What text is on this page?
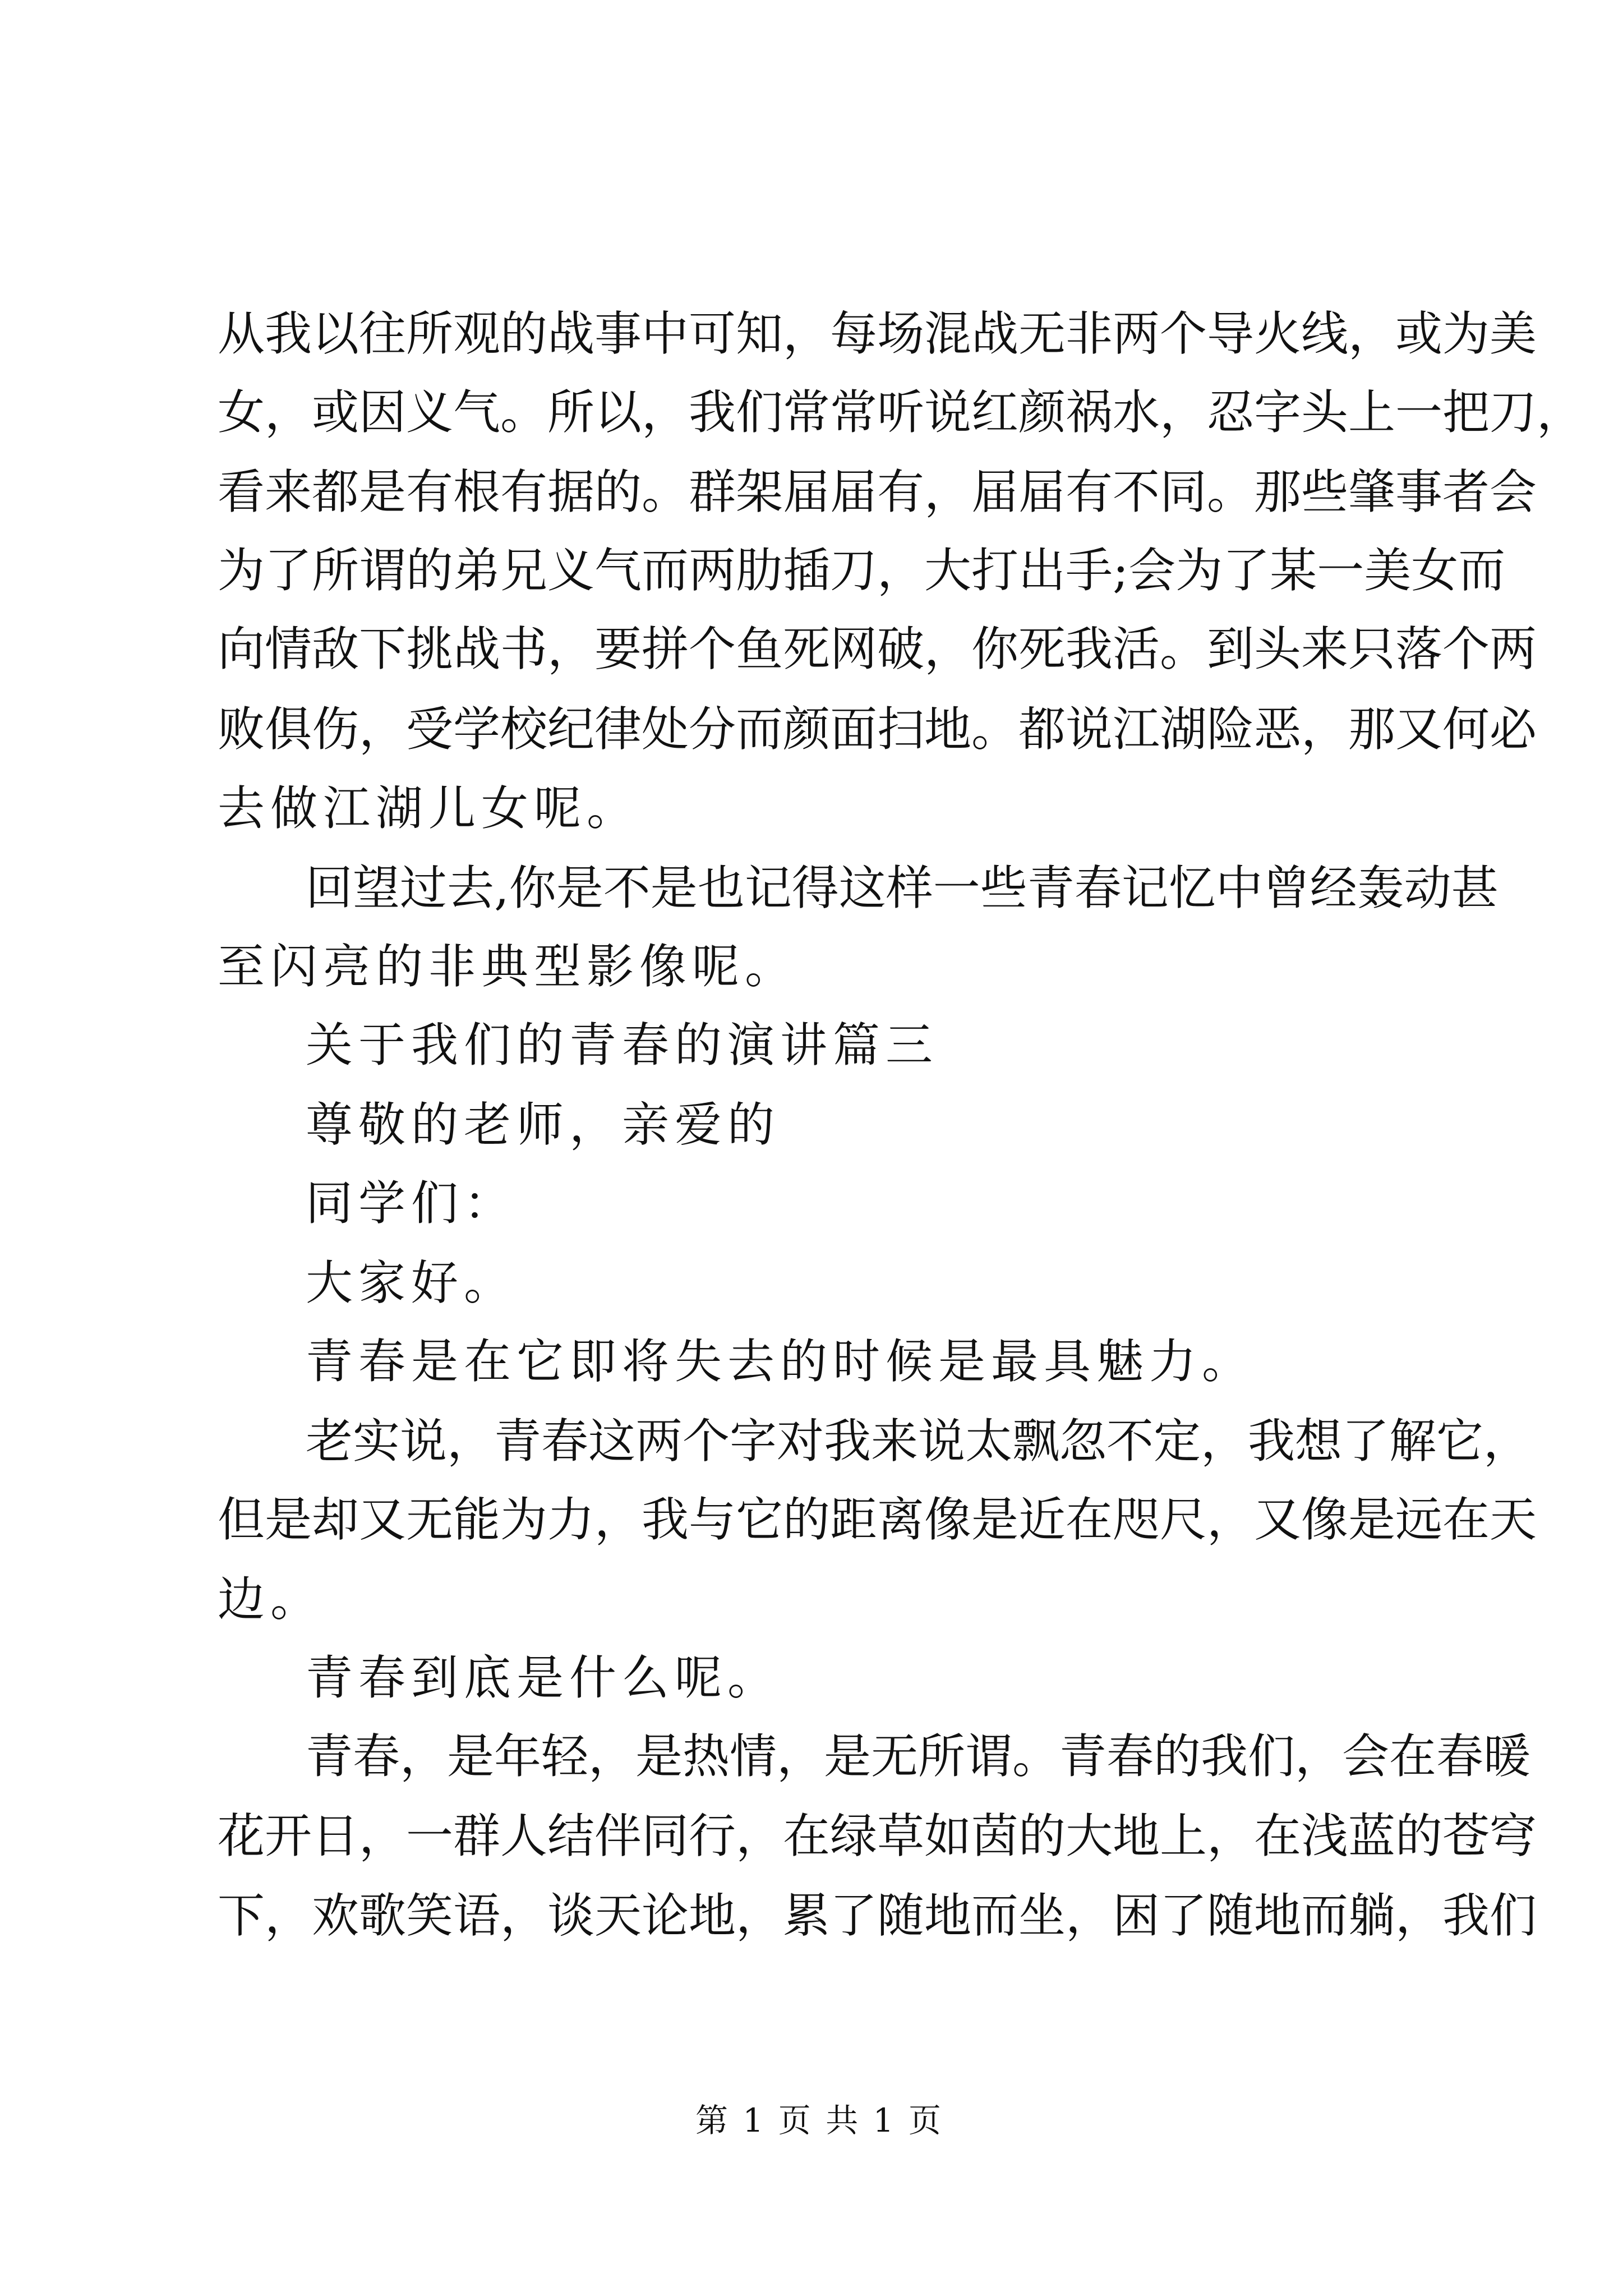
从我以往所观的战事中可知，每场混战无非两个导火线，或为美
女，或因义气。所以，我们常常听说红颜祸水，忍字头上一把刀，
看来都是有根有据的。群架届届有，届届有不同。那些肇事者会
为了所谓的弟兄义气而两肋插刀，大打出手;会为了某一美女而
向情敌下挑战书，要拼个鱼死网破，你死我活。到头来只落个两
败俱伤，受学校纪律处分而颜面扫地。都说江湖险恶，那又何必
去做江湖儿女呢。
回望过去,你是不是也记得这样一些青春记忆中曾经轰动甚
至闪亮的非典型影像呢。
关于我们的青春的演讲篇三
尊敬的老师，亲爱的
同学们：
大家好。
青春是在它即将失去的时候是最具魅力。
老实说，青春这两个字对我来说太飘忽不定，我想了解它，
但是却又无能为力，我与它的距离像是近在咫尺，又像是远在天
边。
青春到底是什么呢。
青春，是年轻，是热情，是无所谓。青春的我们，会在春暖
花开日，一群人结伴同行，在绿草如茵的大地上，在浅蓝的苍穹
下，欢歌笑语，谈天论地，累了随地而坐，困了随地而躺，我们
第 1 页 共 1 页
